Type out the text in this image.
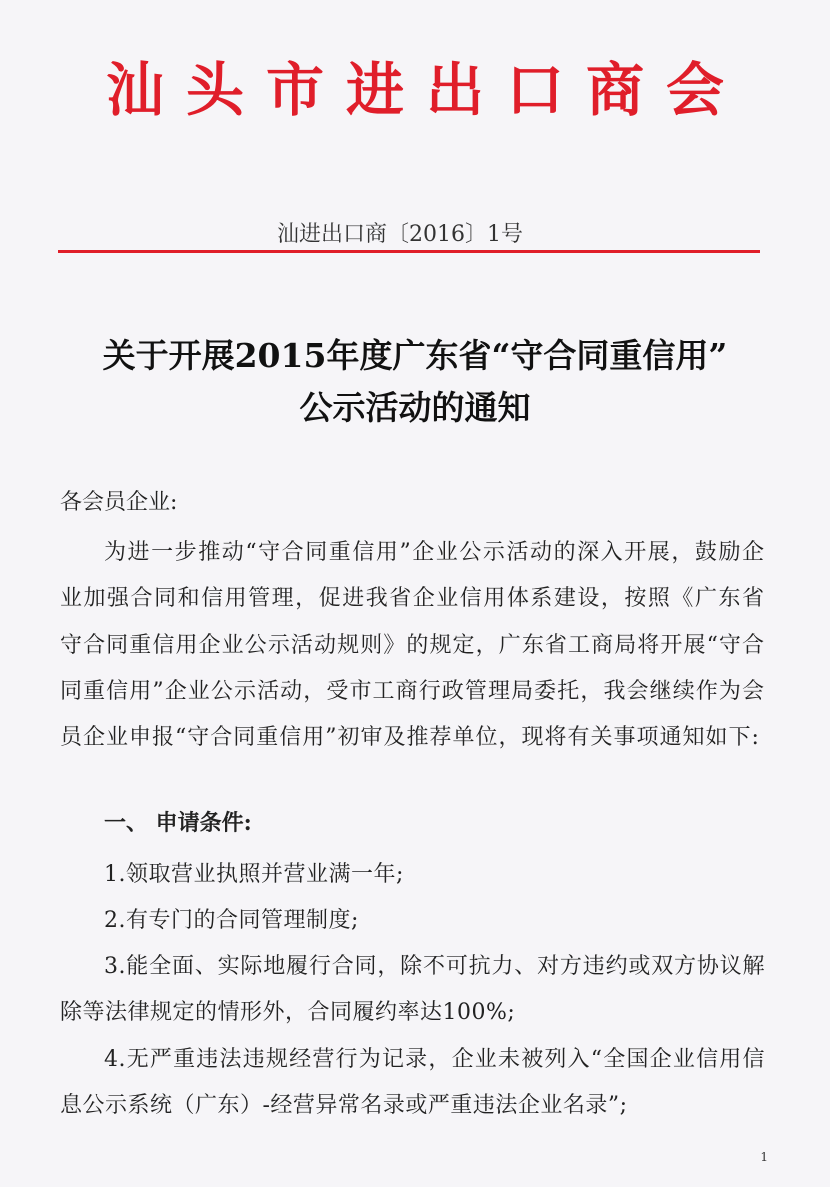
汕头市进出口商会
汕进出口商〔2016〕1号
关于开展2015年度广东省“守合同重信用”
公示活动的通知
各会员企业:

为进一步推动“守合同重信用”企业公示活动的深入开展，鼓励企业加强合同和信用管理，促进我省企业信用体系建设，按照《广东省守合同重信用企业公示活动规则》的规定，广东省工商局将开展“守合同重信用”企业公示活动，受市工商行政管理局委托，我会继续作为会员企业申报“守合同重信用”初审及推荐单位，现将有关事项通知如下:

一、 申请条件:

1.领取营业执照并营业满一年;

2.有专门的合同管理制度;

3.能全面、实际地履行合同，除不可抗力、对方违约或双方协议解除等法律规定的情形外，合同履约率达100%;

4.无严重违法违规经营行为记录，企业未被列入“全国企业信用信息公示系统（广东）-经营异常名录或严重违法企业名录”;

1
